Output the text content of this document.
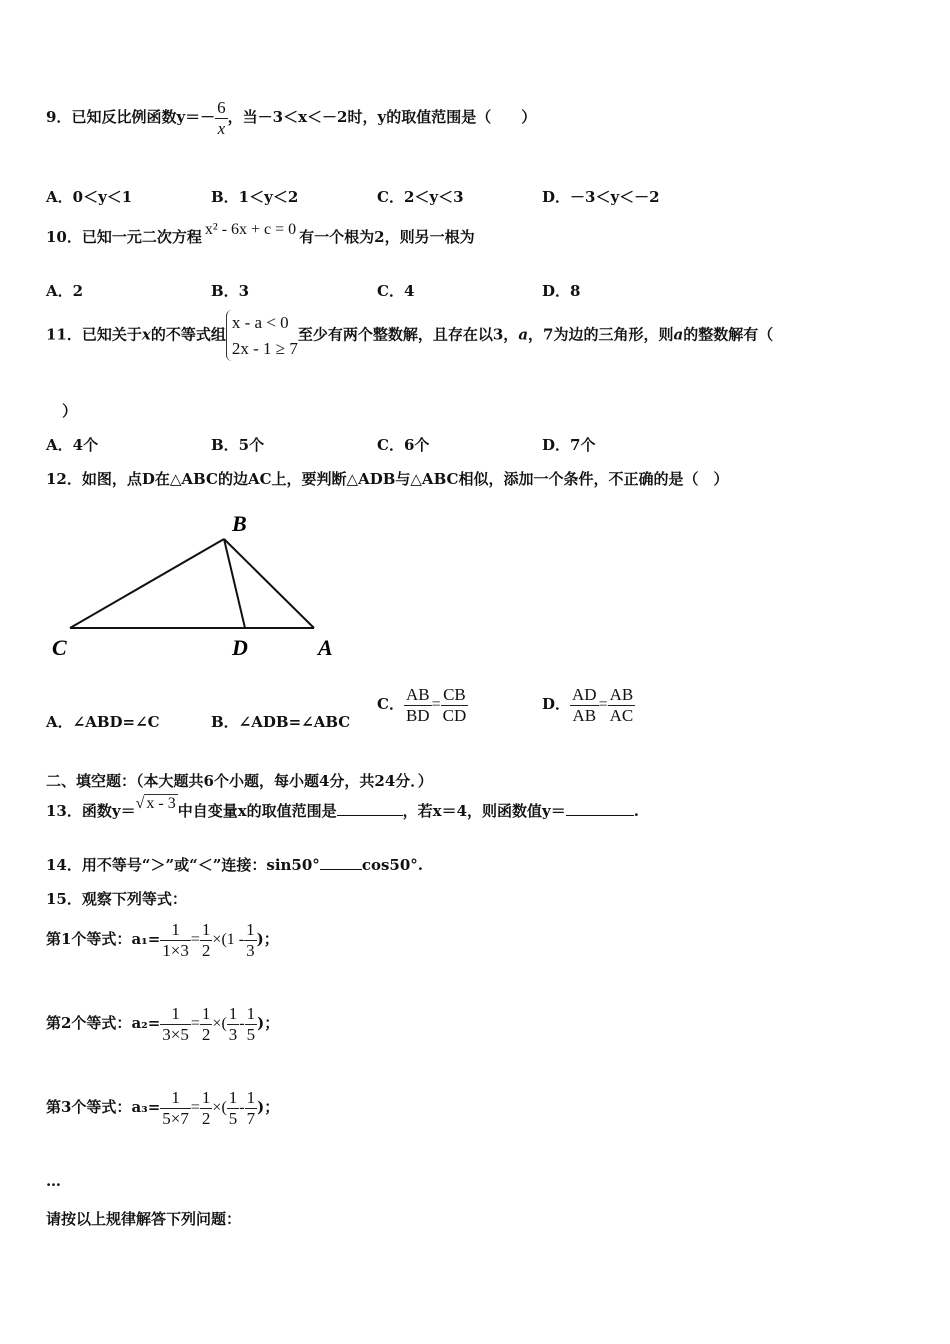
9．已知反比例函数$y=- \frac{6}{x}$ ，当－3＜x＜－2时，y的取值范围是（　　）
A．0＜y＜1	B．1＜y＜2	C．2＜y＜3	D．－3＜y＜－2
10．已知一元二次方程 x² - 6x + c = 0 有一个根为2，则另一根为
A．2	B．3	C．4	D．8
11．已知关于x的不等式组
x - a < 0
2x - 1 ≥ 7
至少有两个整数解，且存在以3，a，7为边的三角形，则a的整数解有（
）
A．4个	B．5个	C．6个	D．7个
12．如图，点D在△ABC的边AC上，要判断△ADB与△ABC相似，添加一个条件，不正确的是（　）
B
C	D	A
A．∠ABD=∠C	B．∠ADB=∠ABC
C． $\frac{AB}{BD} = \frac{CB}{CD}$	D． $\frac{AD}{AB} = \frac{AB}{AC}$
二、填空题：（本大题共6个小题，每小题4分，共24分．）
13．函数y＝√ x - 3 中自变量x的取值范围是	，若x＝4，则函数值y＝	.
14．用不等号“＞”或“＜”连接：sin50°	cos50°.
15．观察下列等式：
第1个等式：$a_1= \frac{1}{1\times 3} = \frac{1}{2} \times(1 - \frac{1}{3}$ )；
第2个等式：$a_2= \frac{1}{3\times 5} = \frac{1}{2}$ ×( $\frac{1}{3} - \frac{1}{5}$ )；
第3个等式：$a_3= \frac{1}{5\times 7} = \frac{1}{2}$ ×( $\frac{1}{5} - \frac{1}{7}$ )；
…
请按以上规律解答下列问题：
